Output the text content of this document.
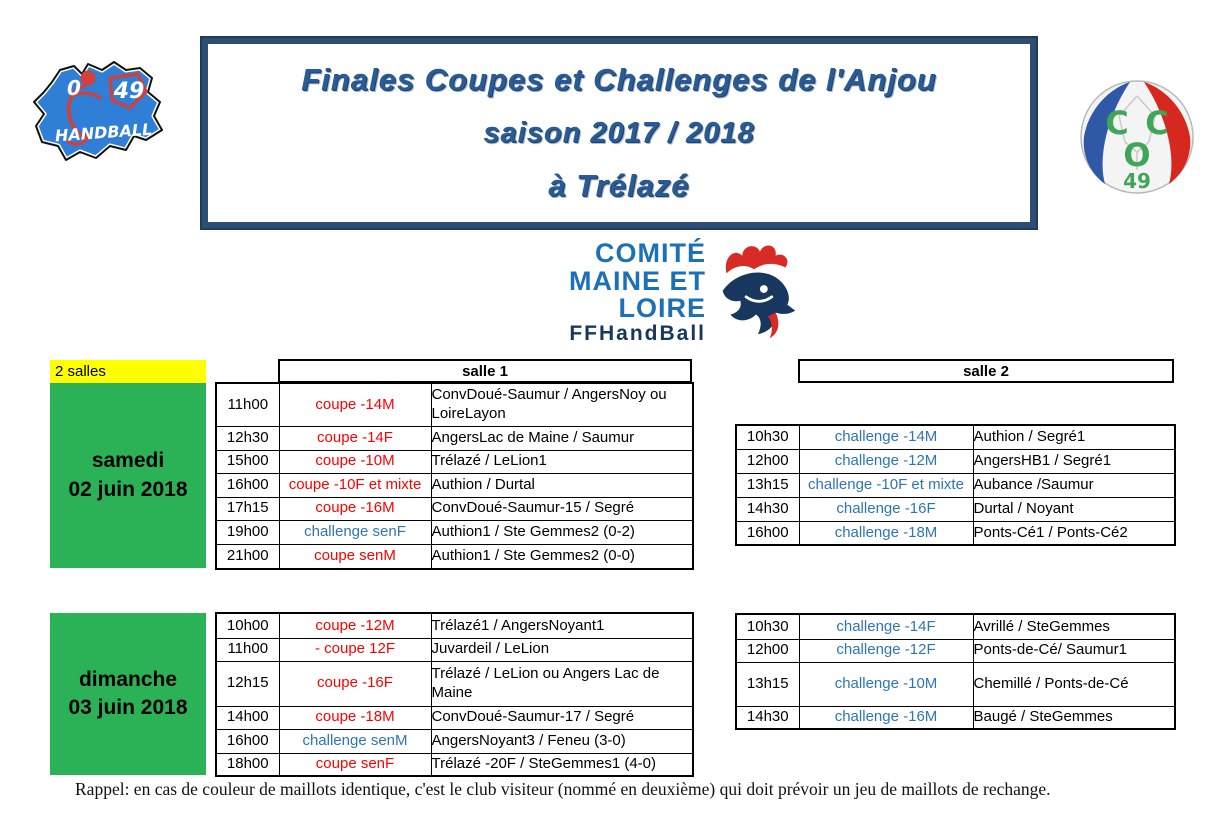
0 49
HANDBALL
Finales Coupes et Challenges de l'Anjou
saison 2017 / 2018
à Trélazé
C C
O
49
COMITÉ
MAINE ET LOIRE
FFHandBall
2 salles	salle 1	salle 2
samedi
02 juin 2018
11h00	coupe -14M	ConvDoué-Saumur / AngersNoy ou LoireLayon
12h30	coupe -14F	AngersLac de Maine / Saumur
15h00	coupe -10M	Trélazé / LeLion1
16h00	coupe -10F et mixte	Authion / Durtal
17h15	coupe -16M	ConvDoué-Saumur-15 / Segré
19h00	challenge senF	Authion1 / Ste Gemmes2 (0-2)
21h00	coupe senM	Authion1 / Ste Gemmes2 (0-0)
10h30	challenge -14M	Authion / Segré1
12h00	challenge -12M	AngersHB1 / Segré1
13h15	challenge -10F et mixte	Aubance /Saumur
14h30	challenge -16F	Durtal / Noyant
16h00	challenge -18M	Ponts-Cé1 / Ponts-Cé2
dimanche
03 juin 2018
10h00	coupe -12M	Trélazé1 / AngersNoyant1
11h00	- coupe 12F	Juvardeil / LeLion
12h15	coupe -16F	Trélazé / LeLion ou Angers Lac de Maine
14h00	coupe -18M	ConvDoué-Saumur-17 / Segré
16h00	challenge senM	AngersNoyant3 / Feneu (3-0)
18h00	coupe senF	Trélazé -20F / SteGemmes1 (4-0)
10h30	challenge -14F	Avrillé / SteGemmes
12h00	challenge -12F	Ponts-de-Cé/ Saumur1
13h15	challenge -10M	Chemillé / Ponts-de-Cé
14h30	challenge -16M	Baugé / SteGemmes
Rappel: en cas de couleur de maillots identique, c'est le club visiteur (nommé en deuxième) qui doit prévoir un jeu de maillots de rechange.
